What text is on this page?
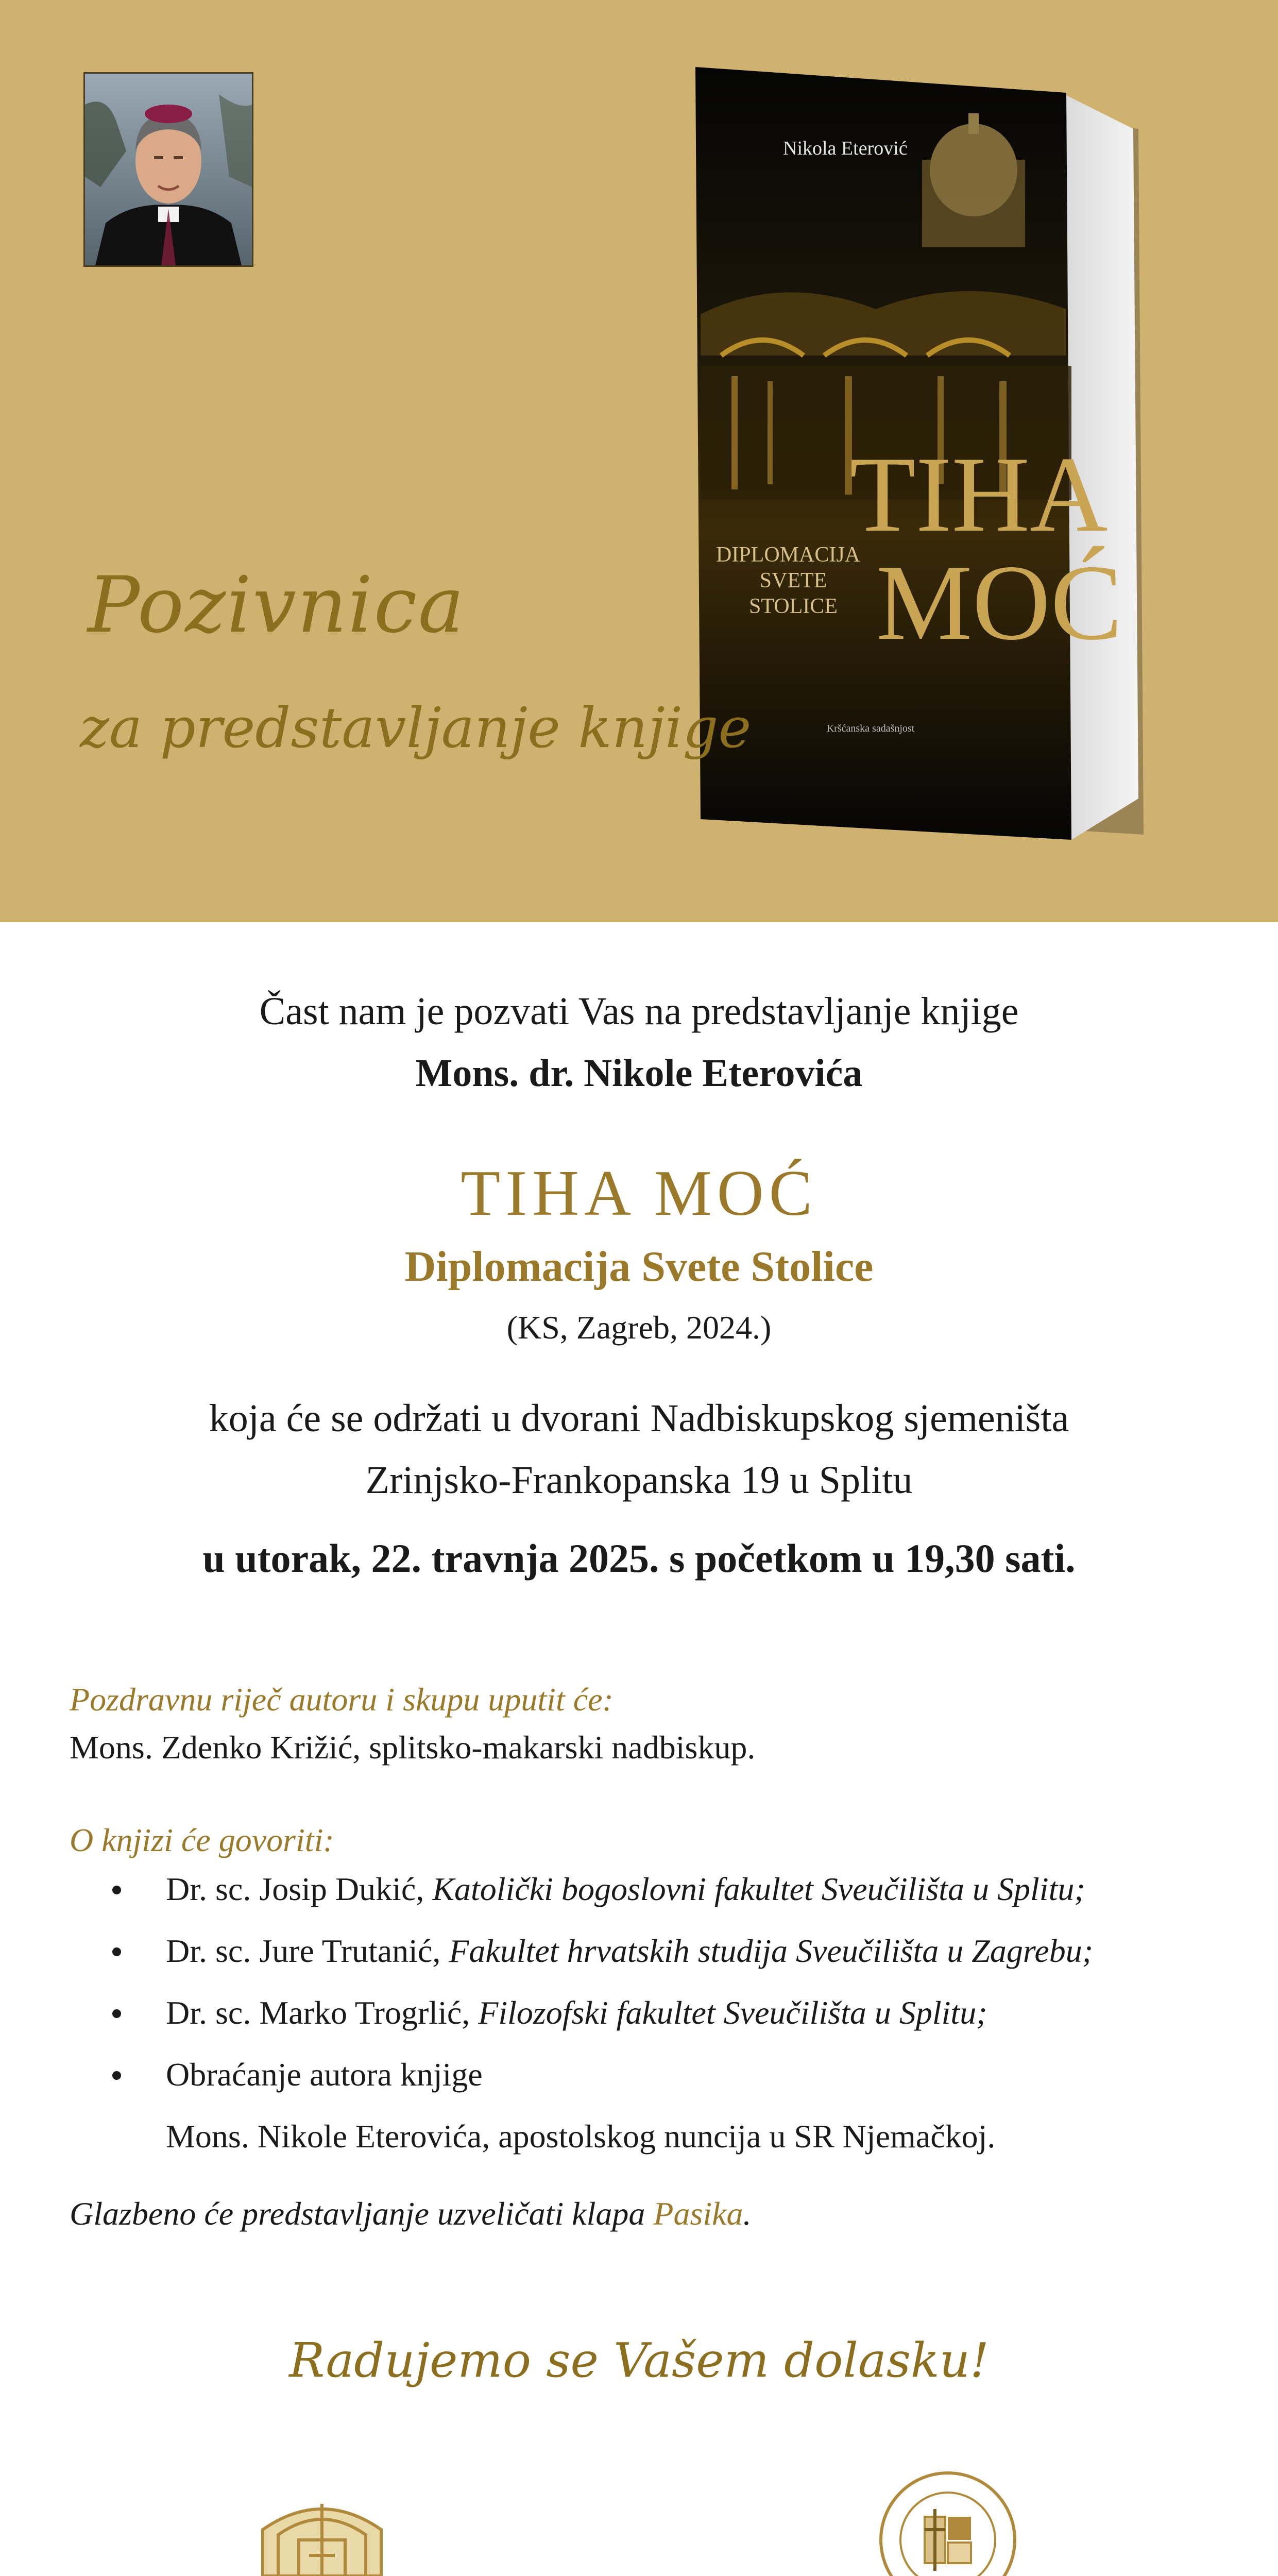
Nikola Eterović
TIHA
MOĆ
DIPLOMACIJA
SVETE
STOLICE
Kršćanska sadašnjost
Pozivnica
za predstavljanje knjige
Čast nam je pozvati Vas na predstavljanje knjige
Mons. dr. Nikole Eterovića
TIHA MOĆ
Diplomacija Svete Stolice
(KS, Zagreb, 2024.)
koja će se održati u dvorani Nadbiskupskog sjemeništa
Zrinjsko-Frankopanska 19 u Splitu
u utorak, 22. travnja 2025. s početkom u 19,30 sati.
Pozdravnu riječ autoru i skupu uputit će:
Mons. Zdenko Križić, splitsko-makarski nadbiskup.
O knjizi će govoriti:
Dr. sc. Josip Dukić, Katolički bogoslovni fakultet Sveučilišta u Splitu;
Dr. sc. Jure Trutanić, Fakultet hrvatskih studija Sveučilišta u Zagrebu;
Dr. sc. Marko Trogrlić, Filozofski fakultet Sveučilišta u Splitu;
Obraćanje autora knjige
Mons. Nikole Eterovića, apostolskog nuncija u SR Njemačkoj.
Glazbeno će predstavljanje uzveličati klapa Pasika.
Radujemo se Vašem dolasku!
